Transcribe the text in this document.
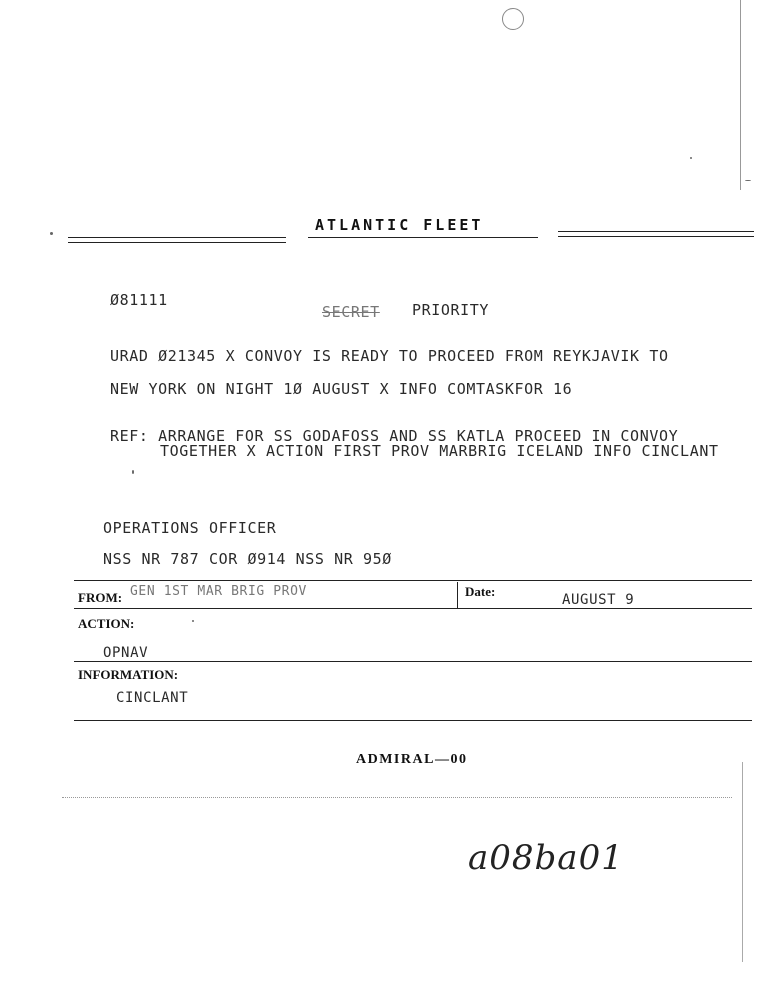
ATLANTIC FLEET
Ø81111
SECRET PRIORITY
URAD Ø21345 X CONVOY IS READY TO PROCEED FROM REYKJAVIK TO
NEW YORK ON NIGHT 1Ø AUGUST X INFO COMTASKFOR 16
REF: ARRANGE FOR SS GODAFOSS AND SS KATLA PROCEED IN CONVOY
TOGETHER X ACTION FIRST PROV MARBRIG ICELAND INFO CINCLANT
OPERATIONS OFFICER
NSS NR 787 COR Ø914 NSS NR 95Ø
FROM: GEN 1ST MAR BRIG PROV	Date:
AUGUST 9
ACTION:
OPNAV
INFORMATION:
CINCLANT
ADMIRAL—00
a08ba01
